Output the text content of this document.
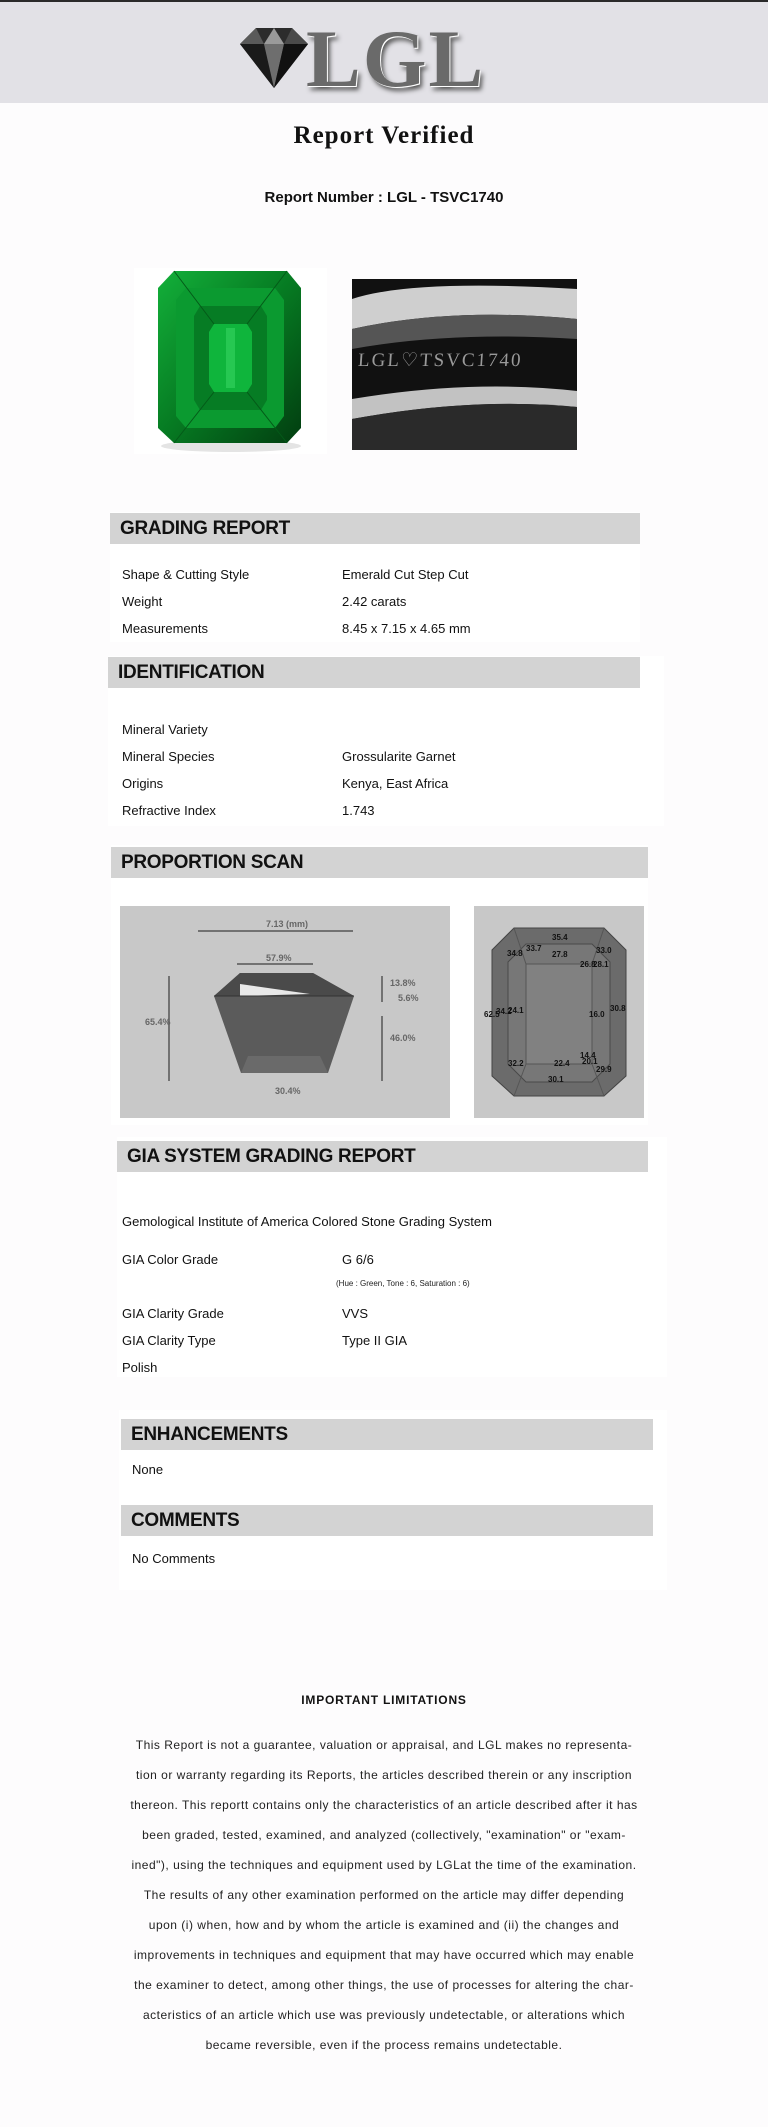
LGL
Report Verified
Report Number : LGL - TSVC1740
LGL♡TSVC1740
GRADING REPORT
Shape & Cutting Style	Emerald Cut Step Cut
Weight	2.42 carats
Measurements	8.45 x 7.15 x 4.65 mm
IDENTIFICATION
Mineral Variety
Mineral Species	Grossularite Garnet
Origins	Kenya, East Africa
Refractive Index	1.743
PROPORTION SCAN
7.13 (mm)
57.9%
65.4%
13.8%
5.6%
46.0%
30.4%
35.4
33.7
34.8	27.8	33.0
26.8
28.1
62.5
34.2
24.1	16.0
30.8
14.4
20.1
32.2	22.4
29.9
30.1
GIA SYSTEM GRADING REPORT
Gemological Institute of America Colored Stone Grading System
GIA Color Grade	G 6/6
(Hue : Green, Tone : 6, Saturation : 6)
GIA Clarity Grade	VVS
GIA Clarity Type	Type II GIA
Polish
ENHANCEMENTS
None
COMMENTS
No Comments
IMPORTANT LIMITATIONS
This Report is not a guarantee, valuation or appraisal, and LGL makes no representa-
tion or warranty regarding its Reports, the articles described therein or any inscription
thereon. This reportt contains only the characteristics of an article described after it has
been graded, tested, examined, and analyzed (collectively, "examination" or "exam-
ined"), using the techniques and equipment used by LGLat the time of the examination.
The results of any other examination performed on the article may differ depending
upon (i) when, how and by whom the article is examined and (ii) the changes and
improvements in techniques and equipment that may have occurred which may enable
the examiner to detect, among other things, the use of processes for altering the char-
acteristics of an article which use was previously undetectable, or alterations which
became reversible, even if the process remains undetectable.
